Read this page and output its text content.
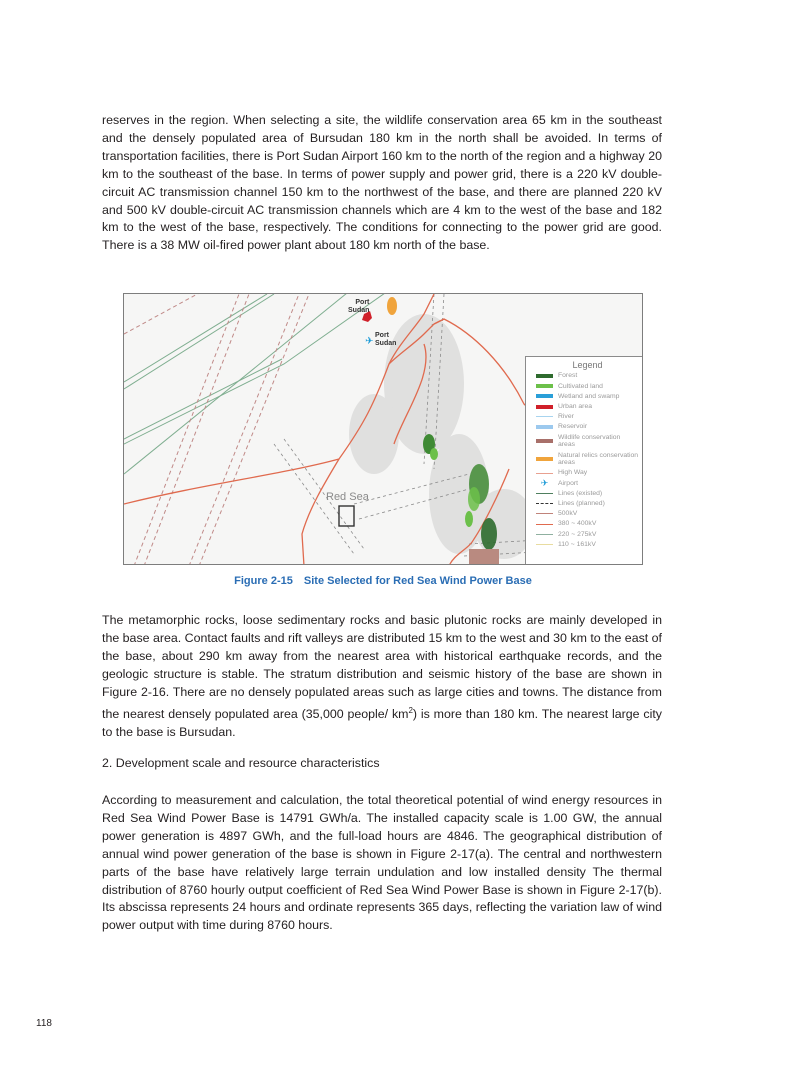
reserves in the region. When selecting a site, the wildlife conservation area 65 km in the southeast and the densely populated area of Bursudan 180 km in the north shall be avoided. In terms of transportation facilities, there is Port Sudan Airport 160 km to the north of the region and a highway 20 km to the southeast of the base. In terms of power supply and power grid, there is a 220 kV double-circuit AC transmission channel 150 km to the northwest of the base, and there are planned 220 kV and 500 kV double-circuit AC transmission channels which are 4 km to the west of the base and 182 km to the west of the base, respectively. The conditions for connecting to the power grid are good. There is a 38 MW oil-fired power plant about 180 km north of the base.

✈
Port
Sudan
Port
Sudan
Red Sea
Legend
Forest
Cultivated land
Wetland and swamp
Urban area
River
Reservoir
Wildlife conservation areas
Natural relics conservation areas
High Way
✈ Airport
Lines (existed)
Lines (planned)
500kV
380 ~ 400kV
220 ~ 275kV
110 ~ 161kV
Figure 2-15 Site Selected for Red Sea Wind Power Base

The metamorphic rocks, loose sedimentary rocks and basic plutonic rocks are mainly developed in the base area. Contact faults and rift valleys are distributed 15 km to the west and 30 km to the east of the base, about 290 km away from the nearest area with historical earthquake records, and the geologic structure is stable. The stratum distribution and seismic history of the base are shown in Figure 2-16. There are no densely populated areas such as large cities and towns. The distance from the nearest densely populated area (35,000 people/ $km^2$) is more than 180 km. The nearest large city to the base is Bursudan.

2. Development scale and resource characteristics

According to measurement and calculation, the total theoretical potential of wind energy resources in Red Sea Wind Power Base is 14791 GWh/a. The installed capacity scale is 1.00 GW, the annual power generation is 4897 GWh, and the full-load hours are 4846. The geographical distribution of annual wind power generation of the base is shown in Figure 2-17(a). The central and northwestern parts of the base have relatively large terrain undulation and low installed density The thermal distribution of 8760 hourly output coefficient of Red Sea Wind Power Base is shown in Figure 2-17(b). Its abscissa represents 24 hours and ordinate represents 365 days, reflecting the variation law of wind power output with time during 8760 hours.

118
